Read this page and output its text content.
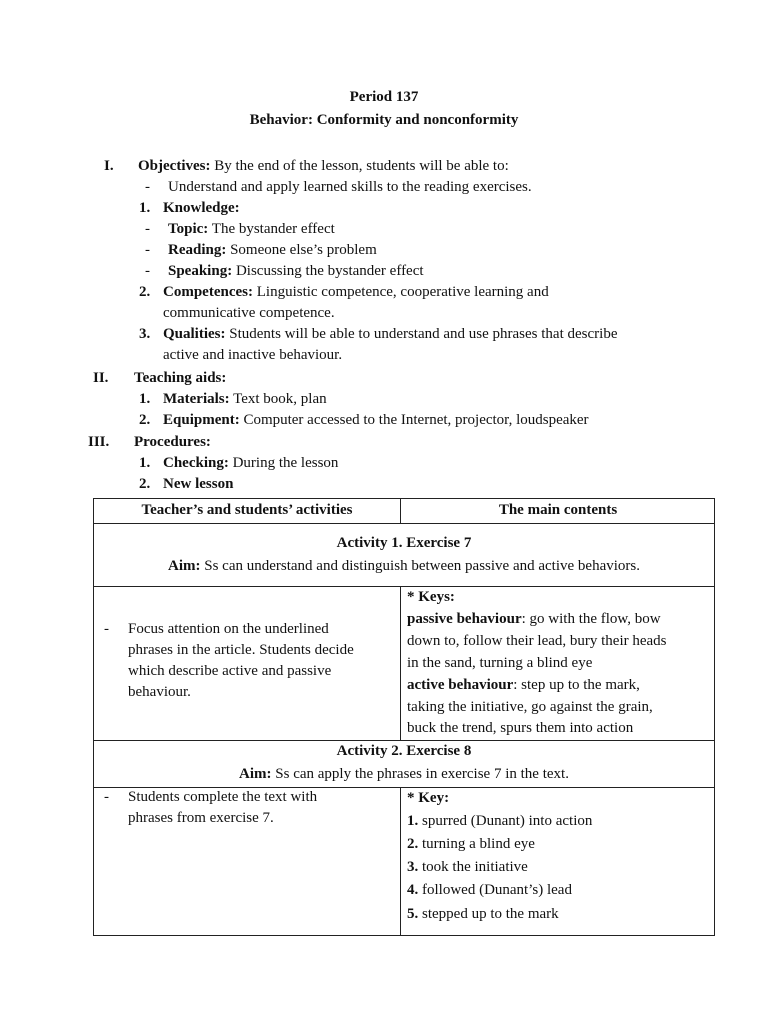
Period 137
Behavior: Conformity and nonconformity
I. Objectives: By the end of the lesson, students will be able to:
- Understand and apply learned skills to the reading exercises.
1. Knowledge:
- Topic: The bystander effect
- Reading: Someone else’s problem
- Speaking: Discussing the bystander effect
2. Competences: Linguistic competence, cooperative learning and
communicative competence.
3. Qualities: Students will be able to understand and use phrases that describe
active and inactive behaviour.
II. Teaching aids:
1. Materials: Text book, plan
2. Equipment: Computer accessed to the Internet, projector, loudspeaker
III. Procedures:
1. Checking: During the lesson
2. New lesson
Teacher’s and students’ activities	The main contents
Activity 1. Exercise 7
Aim: Ss can understand and distinguish between passive and active behaviors.
- Focus attention on the underlined
phrases in the article. Students decide
which describe active and passive
behaviour.
* Keys:
passive behaviour: go with the flow, bow
down to, follow their lead, bury their heads
in the sand, turning a blind eye
active behaviour: step up to the mark,
taking the initiative, go against the grain,
buck the trend, spurs them into action
Activity 2. Exercise 8
Aim: Ss can apply the phrases in exercise 7 in the text.
- Students complete the text with
phrases from exercise 7.
* Key:
1. spurred (Dunant) into action
2. turning a blind eye
3. took the initiative
4. followed (Dunant’s) lead
5. stepped up to the mark
